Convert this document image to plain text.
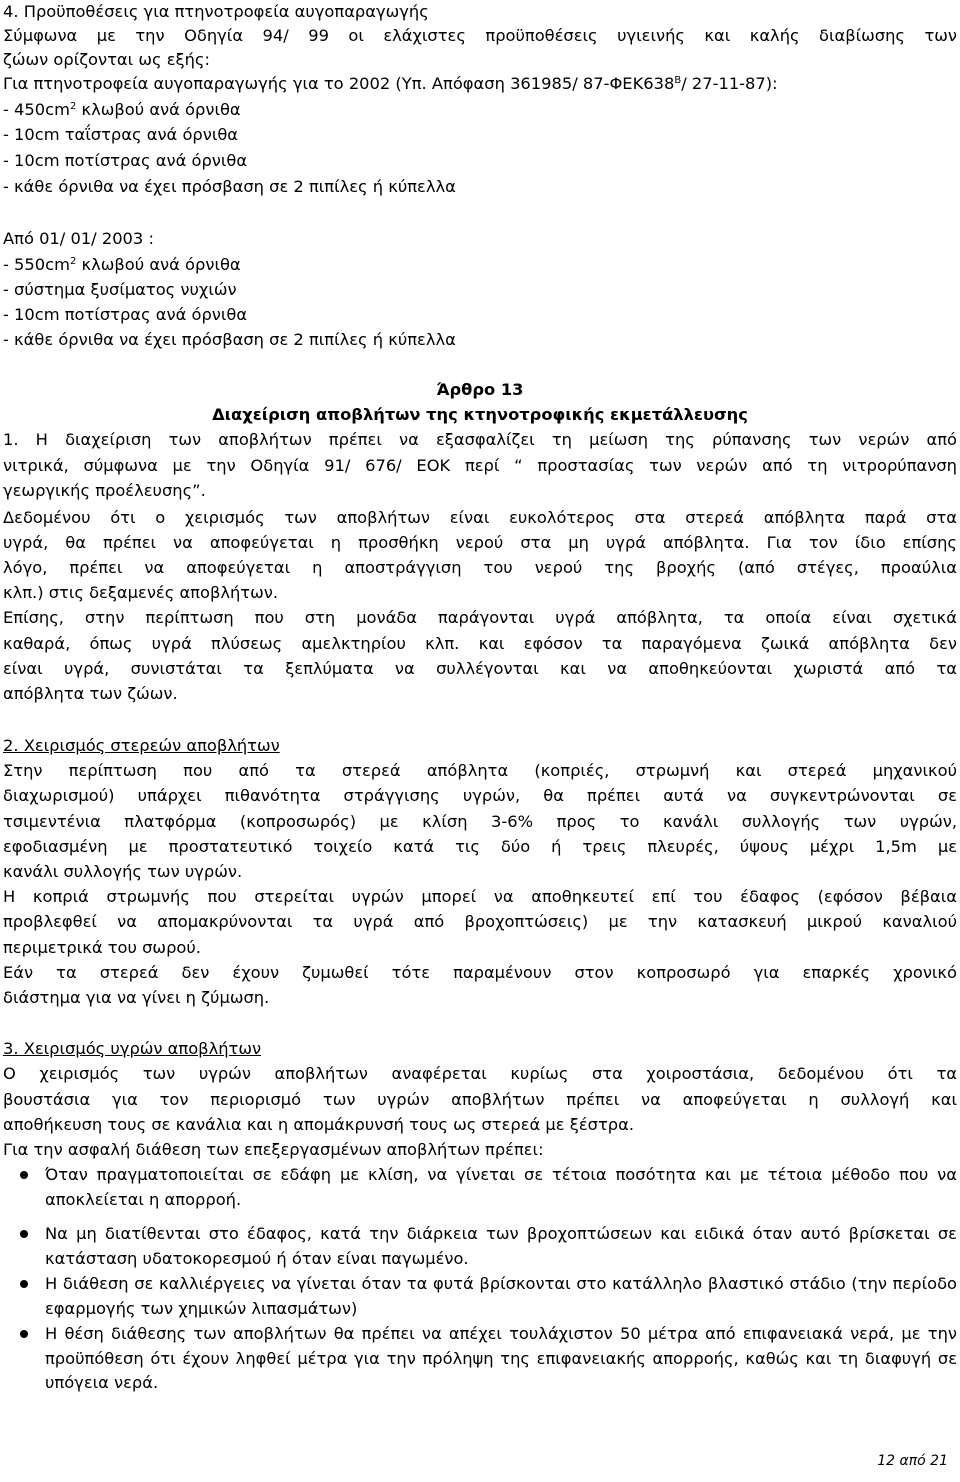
4. Προϋποθέσεις για πτηνοτροφεία αυγοπαραγωγής
Σύμφωνα με την Οδηγία 94/ 99 οι ελάχιστες προϋποθέσεις υγιεινής και καλής διαβίωσης των
ζώων ορίζονται ως εξής:
Για πτηνοτροφεία αυγοπαραγωγής για το 2002 (Υπ. Απόφαση 361985/ $87-\Phi EK638^B/$ 27-11-87):
- $450cm^2$ κλωβού ανά όρνιθα
- 10cm ταΐστρας ανά όρνιθα
- 10cm ποτίστρας ανά όρνιθα
- κάθε όρνιθα να έχει πρόσβαση σε 2 πιπίλες ή κύπελλα
Από 01/ 01/ 2003 :
- $550cm^2$ κλωβού ανά όρνιθα
- σύστημα ξυσίματος νυχιών
- 10cm ποτίστρας ανά όρνιθα
- κάθε όρνιθα να έχει πρόσβαση σε 2 πιπίλες ή κύπελλα
Άρθρο 13
Διαχείριση αποβλήτων της κτηνοτροφικής εκμετάλλευσης
1. Η διαχείριση των αποβλήτων πρέπει να εξασφαλίζει τη μείωση της ρύπανσης των νερών από
νιτρικά, σύμφωνα με την Οδηγία 91/ 676/ ΕΟΚ περί “ προστασίας των νερών από τη νιτρορύπανση
γεωργικής προέλευσης”.
Δεδομένου ότι ο χειρισμός των αποβλήτων είναι ευκολότερος στα στερεά απόβλητα παρά στα
υγρά, θα πρέπει να αποφεύγεται η προσθήκη νερού στα μη υγρά απόβλητα. Για τον ίδιο επίσης
λόγο, πρέπει να αποφεύγεται η αποστράγγιση του νερού της βροχής (από στέγες, προαύλια
κλπ.) στις δεξαμενές αποβλήτων.
Επίσης, στην περίπτωση που στη μονάδα παράγονται υγρά απόβλητα, τα οποία είναι σχετικά
καθαρά, όπως υγρά πλύσεως αμελκτηρίου κλπ. και εφόσον τα παραγόμενα ζωικά απόβλητα δεν
είναι υγρά, συνιστάται τα ξεπλύματα να συλλέγονται και να αποθηκεύονται χωριστά από τα
απόβλητα των ζώων.
2. Χειρισμός στερεών αποβλήτων
Στην περίπτωση που από τα στερεά απόβλητα (κοπριές, στρωμνή και στερεά μηχανικού
διαχωρισμού) υπάρχει πιθανότητα στράγγισης υγρών, θα πρέπει αυτά να συγκεντρώνονται σε
τσιμεντένια πλατφόρμα (κοπροσωρός) με κλίση 3-6% προς το κανάλι συλλογής των υγρών,
εφοδιασμένη με προστατευτικό τοιχείο κατά τις δύο ή τρεις πλευρές, ύψους μέχρι 1,5m με
κανάλι συλλογής των υγρών.
Η κοπριά στρωμνής που στερείται υγρών μπορεί να αποθηκευτεί επί του έδαφος (εφόσον βέβαια
προβλεφθεί να απομακρύνονται τα υγρά από βροχοπτώσεις) με την κατασκευή μικρού καναλιού
περιμετρικά του σωρού.
Εάν τα στερεά δεν έχουν ζυμωθεί τότε παραμένουν στον κοπροσωρό για επαρκές χρονικό
διάστημα για να γίνει η ζύμωση.
3. Χειρισμός υγρών αποβλήτων
Ο χειρισμός των υγρών αποβλήτων αναφέρεται κυρίως στα χοιροστάσια, δεδομένου ότι τα
βουστάσια για τον περιορισμό των υγρών αποβλήτων πρέπει να αποφεύγεται η συλλογή και
αποθήκευση τους σε κανάλια και η απομάκρυνσή τους ως στερεά με ξέστρα.
Για την ασφαλή διάθεση των επεξεργασμένων αποβλήτων πρέπει:
Όταν πραγματοποιείται σε εδάφη με κλίση, να γίνεται σε τέτοια ποσότητα και με τέτοια μέθοδο που να αποκλείεται η απορροή.
Να μη διατίθενται στο έδαφος, κατά την διάρκεια των βροχοπτώσεων και ειδικά όταν αυτό βρίσκεται σε κατάσταση υδατοκορεσμού ή όταν είναι παγωμένο.
Η διάθεση σε καλλιέργειες να γίνεται όταν τα φυτά βρίσκονται στο κατάλληλο βλαστικό στάδιο (την περίοδο εφαρμογής των χημικών λιπασμάτων)
Η θέση διάθεσης των αποβλήτων θα πρέπει να απέχει τουλάχιστον 50 μέτρα από επιφανειακά νερά, με την προϋπόθεση ότι έχουν ληφθεί μέτρα για την πρόληψη της επιφανειακής απορροής, καθώς και τη διαφυγή σε υπόγεια νερά.
12 από 21
